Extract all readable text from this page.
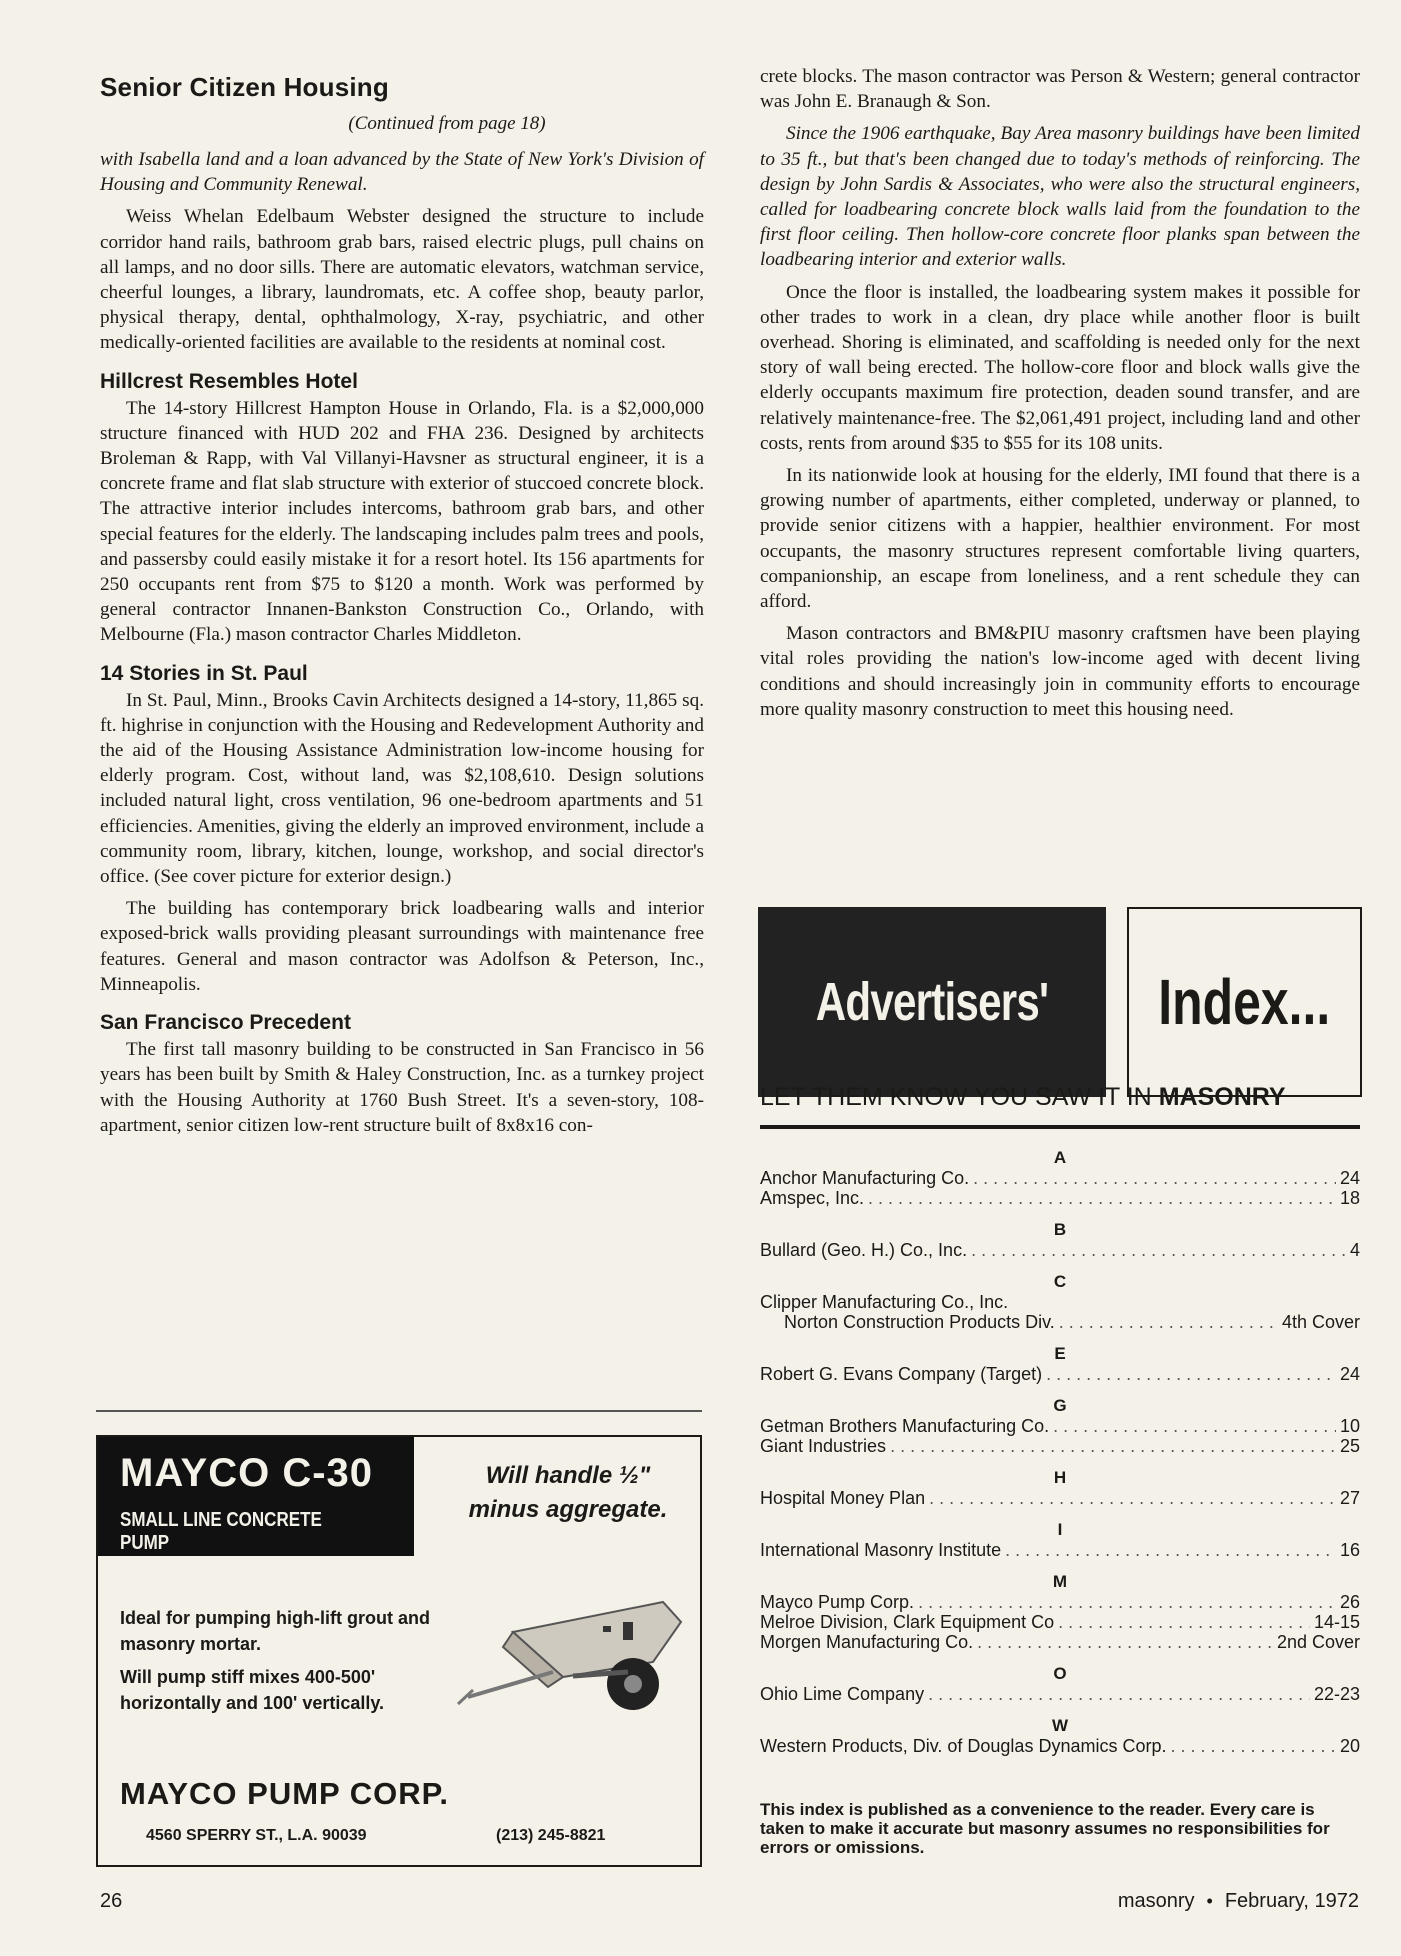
Senior Citizen Housing
(Continued from page 18)

with Isabella land and a loan advanced by the State of New York's Division of Housing and Community Renewal.

Weiss Whelan Edelbaum Webster designed the structure to include corridor hand rails, bathroom grab bars, raised electric plugs, pull chains on all lamps, and no door sills. There are automatic elevators, watchman service, cheerful lounges, a library, laundromats, etc. A coffee shop, beauty parlor, physical therapy, dental, ophthalmology, X-ray, psychiatric, and other medically-oriented facilities are available to the residents at nominal cost.

Hillcrest Resembles Hotel

The 14-story Hillcrest Hampton House in Orlando, Fla. is a $2,000,000 structure financed with HUD 202 and FHA 236. Designed by architects Broleman & Rapp, with Val Villanyi-Havsner as structural engineer, it is a concrete frame and flat slab structure with exterior of stuccoed concrete block. The attractive interior includes intercoms, bathroom grab bars, and other special features for the elderly. The landscaping includes palm trees and pools, and passersby could easily mistake it for a resort hotel. Its 156 apartments for 250 occupants rent from $75 to $120 a month. Work was performed by general contractor Innanen-Bankston Construction Co., Orlando, with Melbourne (Fla.) mason contractor Charles Middleton.

14 Stories in St. Paul

In St. Paul, Minn., Brooks Cavin Architects designed a 14-story, 11,865 sq. ft. highrise in conjunction with the Housing and Redevelopment Authority and the aid of the Housing Assistance Administration low-income housing for elderly program. Cost, without land, was $2,108,610. Design solutions included natural light, cross ventilation, 96 one-bedroom apartments and 51 efficiencies. Amenities, giving the elderly an improved environment, include a community room, library, kitchen, lounge, workshop, and social director's office. (See cover picture for exterior design.)

The building has contemporary brick loadbearing walls and interior exposed-brick walls providing pleasant surroundings with maintenance free features. General and mason contractor was Adolfson & Peterson, Inc., Minneapolis.

San Francisco Precedent

The first tall masonry building to be constructed in San Francisco in 56 years has been built by Smith & Haley Construction, Inc. as a turnkey project with the Housing Authority at 1760 Bush Street. It's a seven-story, 108-apartment, senior citizen low-rent structure built of 8x8x16 con-

crete blocks. The mason contractor was Person & Western; general contractor was John E. Branaugh & Son.

Since the 1906 earthquake, Bay Area masonry buildings have been limited to 35 ft., but that's been changed due to today's methods of reinforcing. The design by John Sardis & Associates, who were also the structural engineers, called for loadbearing concrete block walls laid from the foundation to the first floor ceiling. Then hollow-core concrete floor planks span between the loadbearing interior and exterior walls.

Once the floor is installed, the loadbearing system makes it possible for other trades to work in a clean, dry place while another floor is built overhead. Shoring is eliminated, and scaffolding is needed only for the next story of wall being erected. The hollow-core floor and block walls give the elderly occupants maximum fire protection, deaden sound transfer, and are relatively maintenance-free. The $2,061,491 project, including land and other costs, rents from around $35 to $55 for its 108 units.

In its nationwide look at housing for the elderly, IMI found that there is a growing number of apartments, either completed, underway or planned, to provide senior citizens with a happier, healthier environment. For most occupants, the masonry structures represent comfortable living quarters, companionship, an escape from loneliness, and a rent schedule they can afford.

Mason contractors and BM&PIU masonry craftsmen have been playing vital roles providing the nation's low-income aged with decent living conditions and should increasingly join in community efforts to encourage more quality masonry construction to meet this housing need.

MAYCO C-30
SMALL LINE CONCRETE PUMP
Will handle ½" minus aggregate.
Ideal for pumping high-lift grout and masonry mortar.
Will pump stiff mixes 400-500' horizontally and 100' vertically.
MAYCO PUMP CORP.
4560 SPERRY ST., L.A. 90039	(213) 245-8821
Advertisers'	Index...
LET THEM KNOW YOU SAW IT IN MASONRY
A
Anchor Manufacturing Co. . . .	24
Amspec, Inc. . . .	18
B
Bullard (Geo. H.) Co., Inc. . . .	4
C
Clipper Manufacturing Co., Inc.
Norton Construction Products Div. . . .	4th Cover
E
Robert G. Evans Company (Target) . . .	24
G
Getman Brothers Manufacturing Co. . . .	10
Giant Industries . . .	25
H
Hospital Money Plan . . .	27
I
International Masonry Institute . . .	16
M
Mayco Pump Corp. . . .	26
Melroe Division, Clark Equipment Co . . .	14-15
Morgen Manufacturing Co. . . .	2nd Cover
O
Ohio Lime Company . . .	22-23
W
Western Products, Div. of Douglas Dynamics Corp. . . .	20
This index is published as a convenience to the reader. Every care is taken to make it accurate but masonry assumes no responsibilities for errors or omissions.
26	masonry • February, 1972
